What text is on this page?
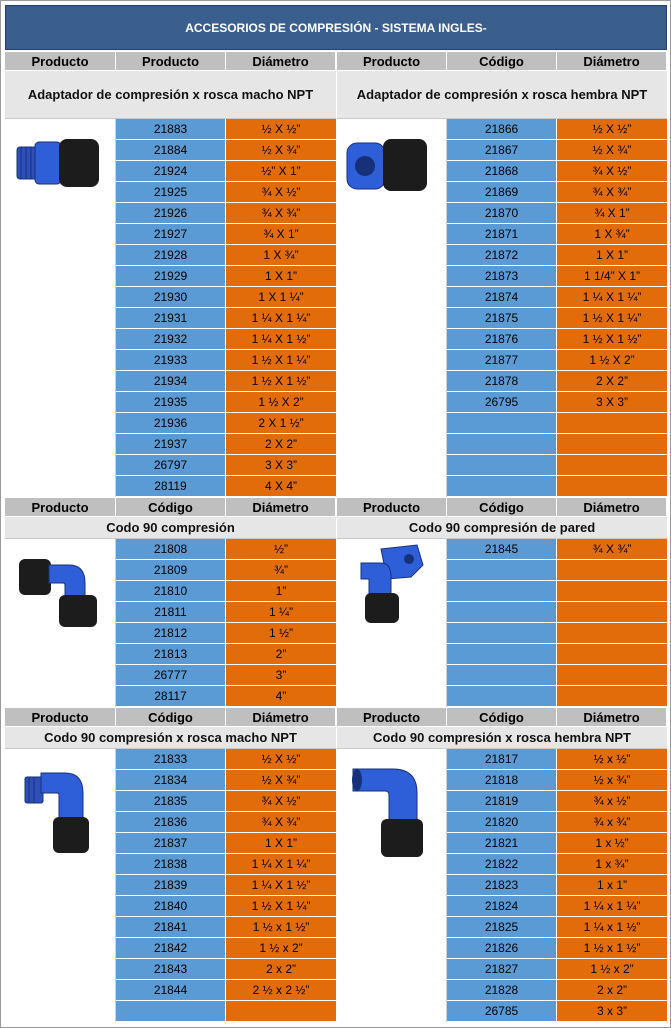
ACCESORIOS DE COMPRESIÓN - SISTEMA INGLES-
Producto	Producto	Diámetro
Adaptador de compresión x rosca macho NPT
21883	½ X ½”
21884	½ X ¾”
21924	½” X 1”
21925	¾ X ½”
21926	¾ X ¾”
21927	¾ X 1”
21928	1 X ¾”
21929	1 X 1”
21930	1 X 1 ¼”
21931	1 ¼ X 1 ¼”
21932	1 ¼ X 1 ½”
21933	1 ½ X 1 ¼”
21934	1 ½ X 1 ½”
21935	1 ½ X 2”
21936	2 X 1 ½”
21937	2 X 2”
26797	3 X 3”
28119	4 X 4”
Producto	Código	Diámetro
Adaptador de compresión x rosca hembra NPT
21866	½ X ½”
21867	½ X ¾”
21868	¾ X ½”
21869	¾ X ¾”
21870	¾ X 1”
21871	1 X ¾”
21872	1 X 1”
21873	1 1/4” X 1”
21874	1 ¼ X 1 ¼”
21875	1 ½ X 1 ¼”
21876	1 ½ X 1 ½”
21877	1 ½ X 2”
21878	2 X 2”
26795	3 X 3”
Producto	Código	Diámetro
Codo 90 compresión
21808	½”
21809	¾”
21810	1”
21811	1 ¼”
21812	1 ½”
21813	2”
26777	3”
28117	4”
Producto	Código	Diámetro
Codo 90 compresión de pared
21845	¾ X ¾”
Producto	Código	Diámetro
Codo 90 compresión x rosca macho NPT
21833	½ X ½”
21834	½ X ¾”
21835	¾ X ½”
21836	¾ X ¾”
21837	1 X 1”
21838	1 ¼ X 1 ¼”
21839	1 ¼ X 1 ½”
21840	1 ½ X 1 ¼”
21841	1 ½ x 1 ½”
21842	1 ½ x 2”
21843	2 x 2”
21844	2 ½ x 2 ½”
Producto	Código	Diámetro
Codo 90 compresión x rosca hembra NPT
21817	½ x ½”
21818	½ x ¾”
21819	¾ x ½”
21820	¾ x ¾”
21821	1 x ½”
21822	1 x ¾”
21823	1 x 1”
21824	1 ¼ x 1 ¼”
21825	1 ¼ x 1 ½”
21826	1 ½ x 1 ½”
21827	1 ½ x 2”
21828	2 x 2”
26785	3 x 3”
